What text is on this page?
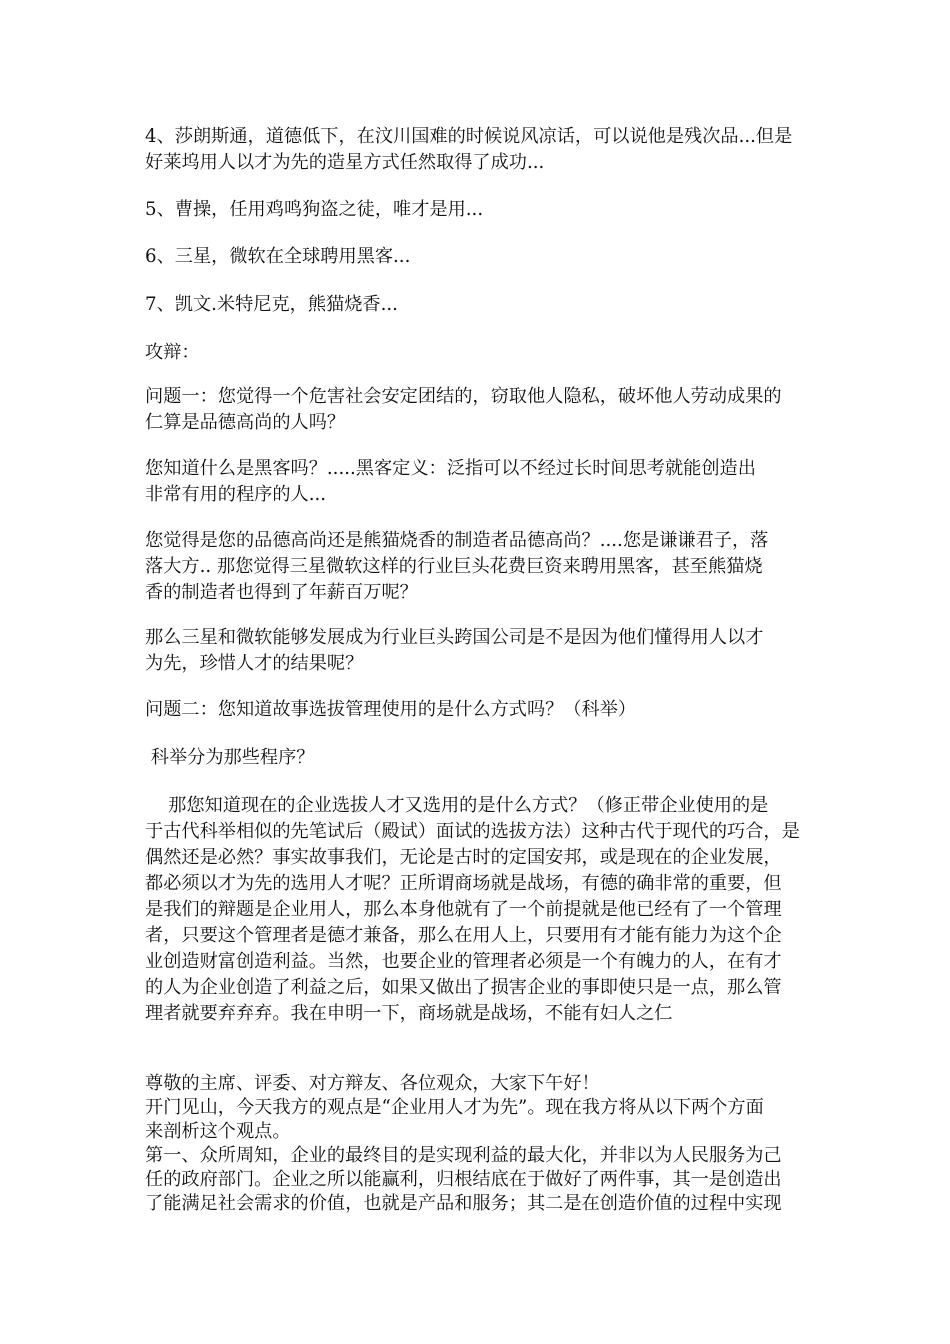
4、莎朗斯通，道德低下，在汶川国难的时候说风凉话，可以说他是残次品...但是
好莱坞用人以才为先的造星方式任然取得了成功...
5、曹操，任用鸡鸣狗盗之徒，唯才是用...
6、三星，微软在全球聘用黑客...
7、凯文.米特尼克，熊猫烧香...
攻辩：
问题一：您觉得一个危害社会安定团结的，窃取他人隐私，破坏他人劳动成果的
仁算是品德高尚的人吗？
您知道什么是黑客吗？.....黑客定义：泛指可以不经过长时间思考就能创造出
非常有用的程序的人...
您觉得是您的品德高尚还是熊猫烧香的制造者品德高尚？....您是谦谦君子，落
落大方.. 那您觉得三星微软这样的行业巨头花费巨资来聘用黑客，甚至熊猫烧
香的制造者也得到了年薪百万呢？
那么三星和微软能够发展成为行业巨头跨国公司是不是因为他们懂得用人以才
为先，珍惜人才的结果呢？
问题二：您知道故事选拔管理使用的是什么方式吗？（科举）
科举分为那些程序？
那您知道现在的企业选拔人才又选用的是什么方式？（修正带企业使用的是
于古代科举相似的先笔试后（殿试）面试的选拔方法）这种古代于现代的巧合，是
偶然还是必然？事实故事我们，无论是古时的定国安邦，或是现在的企业发展，
都必须以才为先的选用人才呢？正所谓商场就是战场，有德的确非常的重要，但
是我们的辩题是企业用人，那么本身他就有了一个前提就是他已经有了一个管理
者，只要这个管理者是德才兼备，那么在用人上，只要用有才能有能力为这个企
业创造财富创造利益。当然，也要企业的管理者必须是一个有魄力的人，在有才
的人为企业创造了利益之后，如果又做出了损害企业的事即使只是一点，那么管
理者就要弃弃弃。我在申明一下，商场就是战场，不能有妇人之仁
尊敬的主席、评委、对方辩友、各位观众，大家下午好！
开门见山，今天我方的观点是“企业用人才为先”。现在我方将从以下两个方面
来剖析这个观点。
第一、众所周知，企业的最终目的是实现利益的最大化，并非以为人民服务为己
任的政府部门。企业之所以能赢利，归根结底在于做好了两件事，其一是创造出
了能满足社会需求的价值，也就是产品和服务；其二是在创造价值的过程中实现
